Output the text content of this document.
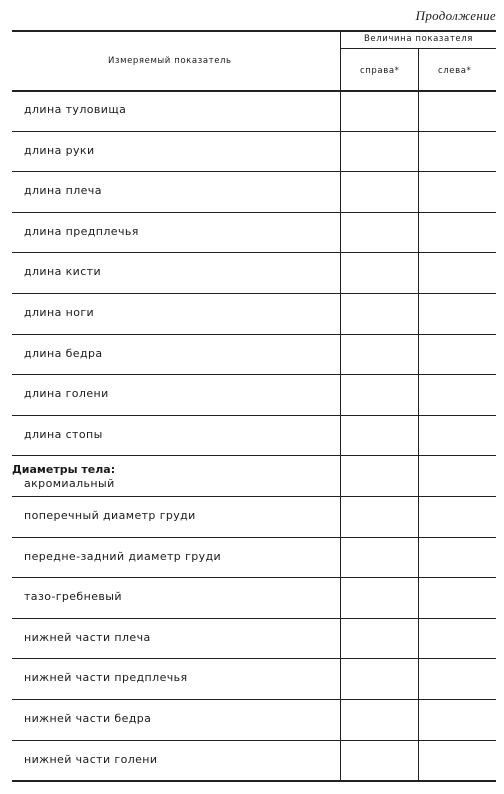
Продолжение
Измеряемый показатель
Величина показателя
справа*	слева*
длина туловища
длина руки
длина плеча
длина предплечья
длина кисти
длина ноги
длина бедра
длина голени
длина стопы
Диаметры тела:
акромиальный
поперечный диаметр груди
передне-задний диаметр груди
тазо-гребневый
нижней части плеча
нижней части предплечья
нижней части бедра
нижней части голени
